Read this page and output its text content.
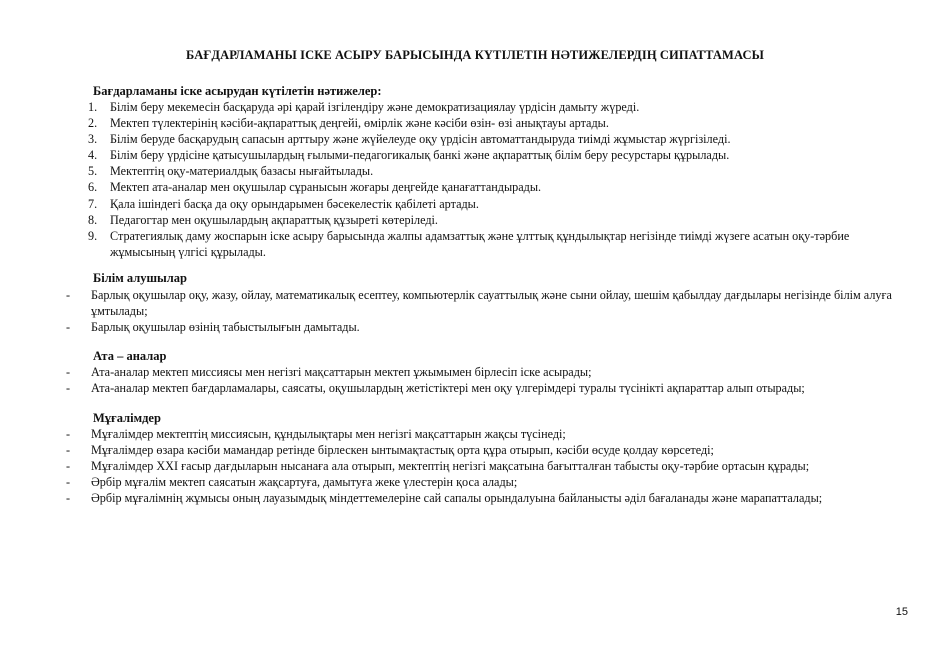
БАҒДАРЛАМАНЫ ІСКЕ АСЫРУ БАРЫСЫНДА КҮТІЛЕТІН НӘТИЖЕЛЕРДІҢ СИПАТТАМАСЫ
Бағдарламаны іске асырудан күтілетін нәтижелер:
1. Білім беру мекемесін басқаруда әрі қарай ізгілендіру және демократизациялау үрдісін дамыту жүреді.
2. Мектеп түлектерінің кәсіби-ақпараттық деңгейі, өмірлік және кәсіби өзін- өзі анықтауы артады.
3. Білім беруде басқарудың сапасын арттыру және жүйелеуде оқу үрдісін автоматтандыруда тиімді жұмыстар жүргізіледі.
4. Білім беру үрдісіне қатысушылардың ғылыми-педагогикалық банкі және ақпараттық білім беру ресурстары құрылады.
5. Мектептің оқу-материалдық базасы нығайтылады.
6. Мектеп ата-аналар мен оқушылар сұранысын жоғары деңгейде қанағаттандырады.
7. Қала ішіндегі басқа да оқу орындарымен бәсекелестік қабілеті артады.
8. Педагогтар мен оқушылардың ақпараттық құзыреті көтеріледі.
9. Стратегиялық даму жоспарын іске асыру барысында жалпы адамзаттық және ұлттық құндылықтар негізінде тиімді жүзеге асатын оқу-тәрбие жұмысының үлгісі құрылады.
Білім алушылар
- Барлық оқушылар оқу, жазу, ойлау, математикалық есептеу, компьютерлік сауаттылық және сыни ойлау, шешім қабылдау дағдылары негізінде білім алуға ұмтылады;
- Барлық оқушылар өзінің табыстылығын дамытады.
Ата – аналар
- Ата-аналар мектеп миссиясы мен негізгі мақсаттарын мектеп ұжымымен бірлесіп іске асырады;
- Ата-аналар мектеп бағдарламалары, саясаты, оқушылардың жетістіктері мен оқу үлгерімдері туралы түсінікті ақпараттар алып отырады;
Мұғалімдер
- Мұғалімдер мектептің миссиясын, құндылықтары мен негізгі мақсаттарын жақсы түсінеді;
- Мұғалімдер өзара кәсіби мамандар ретінде бірлескен ынтымақтастық орта құра отырып, кәсіби өсуде қолдау көрсетеді;
- Мұғалімдер XXI ғасыр дағдыларын нысанаға ала отырып, мектептің негізгі мақсатына бағытталған табысты оқу-тәрбие ортасын құрады;
- Әрбір мұғалім мектеп саясатын жақсартуға, дамытуға жеке үлестерін қоса алады;
- Әрбір мұғалімнің жұмысы оның лауазымдық міндеттемелеріне сай сапалы орындалуына байланысты әділ бағаланады және марапатталады;
15
